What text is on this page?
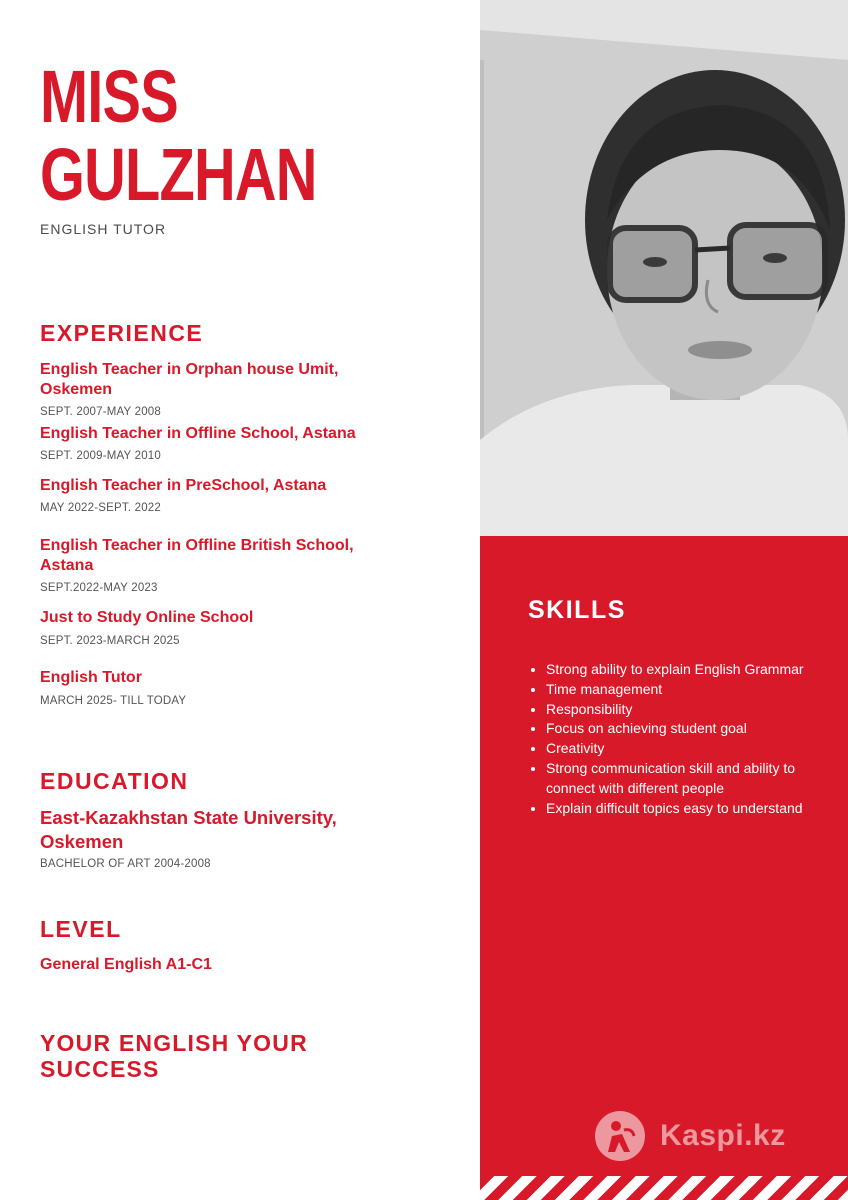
MISS
GULZHAN
ENGLISH TUTOR
EXPERIENCE

English Teacher in Orphan house Umit, Oskemen

SEPT. 2007-MAY 2008

English Teacher in Offline School, Astana

SEPT. 2009-MAY 2010

English Teacher in PreSchool, Astana

MAY 2022-SEPT. 2022

English Teacher in Offline British School, Astana

SEPT.2022-MAY 2023

Just to Study Online School

SEPT. 2023-MARCH 2025

English Tutor

MARCH 2025- TILL TODAY
EDUCATION

East-Kazakhstan State University, Oskemen

BACHELOR OF ART 2004-2008
LEVEL

General English A1-C1

YOUR ENGLISH YOUR SUCCESS
SKILLS
• Strong ability to explain English Grammar
• Time management
• Responsibility
• Focus on achieving student goal
• Creativity
• Strong communication skill and ability to connect with different people
• Explain difficult topics easy to understand
Kaspi.kz
